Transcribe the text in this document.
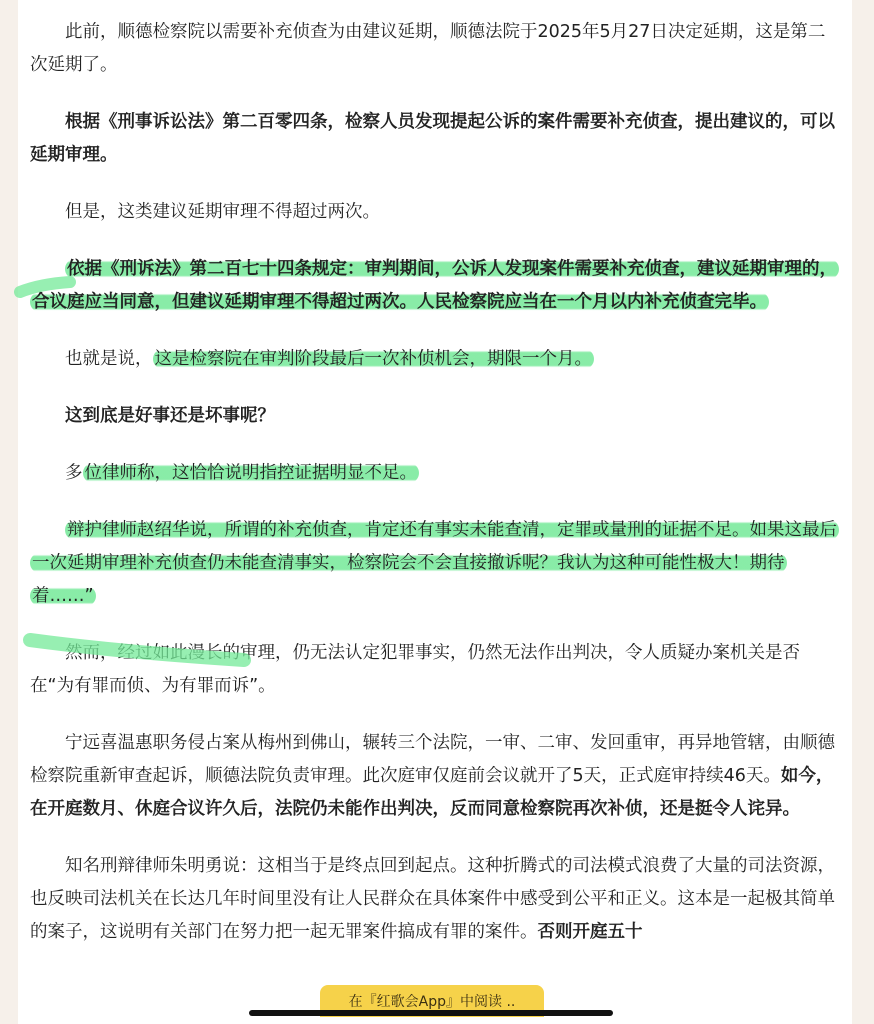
此前，顺德检察院以需要补充侦查为由建议延期，顺德法院于2025年5月27日决定延期，这是第二次延期了。

根据《刑事诉讼法》第二百零四条，检察人员发现提起公诉的案件需要补充侦查，提出建议的，可以延期审理。

但是，这类建议延期审理不得超过两次。

依据《刑诉法》第二百七十四条规定：审判期间，公诉人发现案件需要补充侦查，建议延期审理的，合议庭应当同意，但建议延期审理不得超过两次。人民检察院应当在一个月以内补充侦查完毕。

也就是说， 这是检察院在审判阶段最后一次补侦机会，期限一个月。

这到底是好事还是坏事呢？

多 位律师称，这恰恰说明指控证据明显不足。

辩护律师赵绍华说，所谓的补充侦查，肯定还有事实未能查清，定罪或量刑的证据不足。如果这最后一次延期审理补充侦查仍未能查清事实，检察院会不会直接撤诉呢？我认为这种可能性极大！期待着……”

然而，经过如此漫长的审理，仍无法认定犯罪事实，仍然无法作出判决，令人质疑办案机关是否在“为有罪而侦、为有罪而诉”。

宁远喜温惠职务侵占案从梅州到佛山，辗转三个法院，一审、二审、发回重审，再异地管辖，由顺德检察院重新审查起诉，顺德法院负责审理。此次庭审仅庭前会议就开了5天，正式庭审持续46天。如今，在开庭数月、休庭合议许久后，法院仍未能作出判决，反而同意检察院再次补侦，还是挺令人诧异。

知名刑辩律师朱明勇说：这相当于是终点回到起点。这种折腾式的司法模式浪费了大量的司法资源，也反映司法机关在长达几年时间里没有让人民群众在具体案件中感受到公平和正义。这本是一起极其简单的案子，这说明有关部门在努力把一起无罪案件搞成有罪的案件。否则开庭五十

在『红歌会App』中阅读 ..
